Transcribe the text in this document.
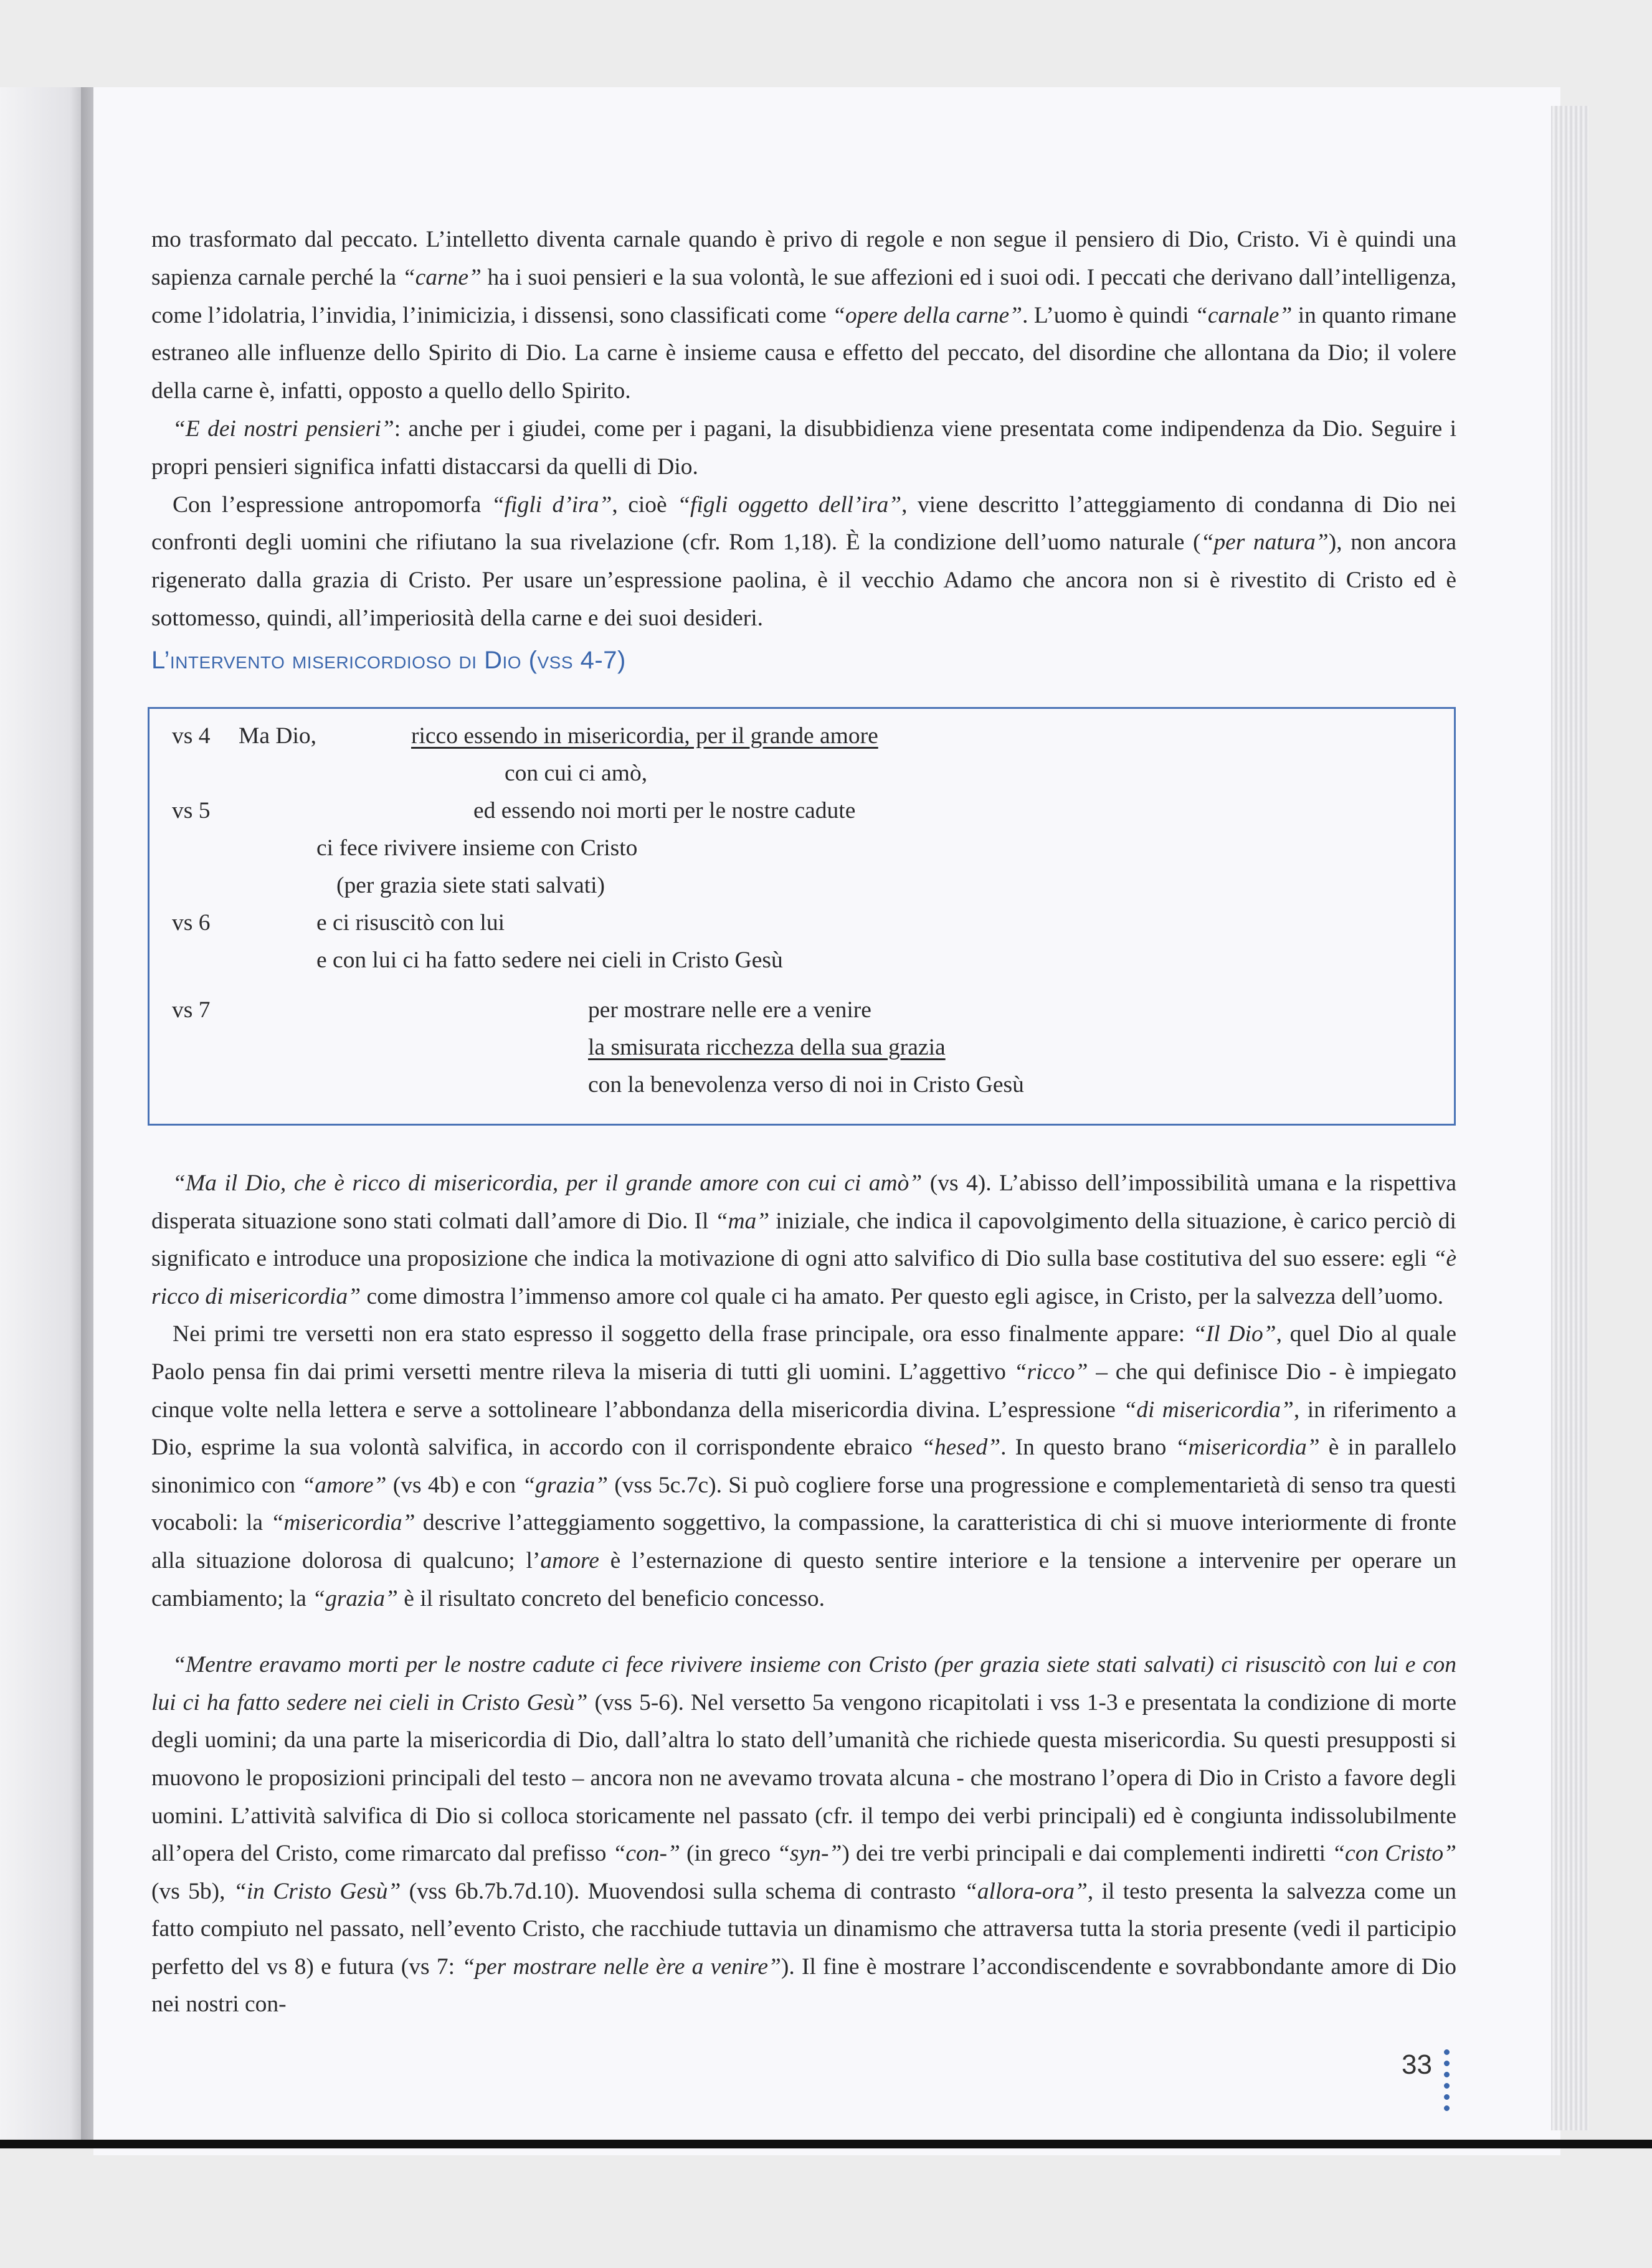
mo trasformato dal peccato. L’intelletto diventa carnale quando è privo di regole e non segue il pensiero di Dio, Cristo. Vi è quindi una sapienza carnale perché la “carne” ha i suoi pensieri e la sua volontà, le sue affezioni ed i suoi odi. I peccati che derivano dall’intelligenza, come l’idolatria, l’invidia, l’inimicizia, i dissensi, sono classificati come “opere della carne”. L’uomo è quindi “carnale” in quanto rimane estraneo alle influenze dello Spirito di Dio. La carne è insieme causa e effetto del peccato, del disordine che allontana da Dio; il volere della carne è, infatti, opposto a quello dello Spirito.

“E dei nostri pensieri”: anche per i giudei, come per i pagani, la disubbidienza viene presentata come indipendenza da Dio. Seguire i propri pensieri significa infatti distaccarsi da quelli di Dio.

Con l’espressione antropomorfa “figli d’ira”, cioè “figli oggetto dell’ira”, viene descritto l’atteggiamento di condanna di Dio nei confronti degli uomini che rifiutano la sua rivelazione (cfr. Rom 1,18). È la condizione dell’uomo naturale (“per natura”), non ancora rigenerato dalla grazia di Cristo. Per usare un’espressione paolina, è il vecchio Adamo che ancora non si è rivestito di Cristo ed è sottomesso, quindi, all’imperiosità della carne e dei suoi desideri.

L’intervento misericordioso di Dio (vss 4-7)
vs 4 Ma Dio,	ricco essendo in misericordia, per il grande amore
con cui ci amò,
vs 5	ed essendo noi morti per le nostre cadute
ci fece rivivere insieme con Cristo
(per grazia siete stati salvati)
vs 6	e ci risuscitò con lui
e con lui ci ha fatto sedere nei cieli in Cristo Gesù
vs 7	per mostrare nelle ere a venire
la smisurata ricchezza della sua grazia
con la benevolenza verso di noi in Cristo Gesù

“Ma il Dio, che è ricco di misericordia, per il grande amore con cui ci amò” (vs 4). L’abisso dell’impossibilità umana e la rispettiva disperata situazione sono stati colmati dall’amore di Dio. Il “ma” iniziale, che indica il capovolgimento della situazione, è carico perciò di significato e introduce una proposizione che indica la motivazione di ogni atto salvifico di Dio sulla base costitutiva del suo essere: egli “è ricco di misericordia” come dimostra l’immenso amore col quale ci ha amato. Per questo egli agisce, in Cristo, per la salvezza dell’uomo.

Nei primi tre versetti non era stato espresso il soggetto della frase principale, ora esso finalmente appare: “Il Dio”, quel Dio al quale Paolo pensa fin dai primi versetti mentre rileva la miseria di tutti gli uomini. L’aggettivo “ricco” – che qui definisce Dio - è impiegato cinque volte nella lettera e serve a sottolineare l’abbondanza della misericordia divina. L’espressione “di misericordia”, in riferimento a Dio, esprime la sua volontà salvifica, in accordo con il corrispondente ebraico “hesed”. In questo brano “misericordia” è in parallelo sinonimico con “amore” (vs 4b) e con “grazia” (vss 5c.7c). Si può cogliere forse una progressione e complementarietà di senso tra questi vocaboli: la “misericordia” descrive l’atteggiamento soggettivo, la compassione, la caratteristica di chi si muove interiormente di fronte alla situazione dolorosa di qualcuno; l’amore è l’esternazione di questo sentire interiore e la tensione a intervenire per operare un cambiamento; la “grazia” è il risultato concreto del beneficio concesso.

“Mentre eravamo morti per le nostre cadute ci fece rivivere insieme con Cristo (per grazia siete stati salvati) ci risuscitò con lui e con lui ci ha fatto sedere nei cieli in Cristo Gesù” (vss 5-6). Nel versetto 5a vengono ricapitolati i vss 1-3 e presentata la condizione di morte degli uomini; da una parte la misericordia di Dio, dall’altra lo stato dell’umanità che richiede questa misericordia. Su questi presupposti si muovono le proposizioni principali del testo – ancora non ne avevamo trovata alcuna - che mostrano l’opera di Dio in Cristo a favore degli uomini. L’attività salvifica di Dio si colloca storicamente nel passato (cfr. il tempo dei verbi principali) ed è congiunta indissolubilmente all’opera del Cristo, come rimarcato dal prefisso “con-” (in greco “syn-”) dei tre verbi principali e dai complementi indiretti “con Cristo” (vs 5b), “in Cristo Gesù” (vss 6b.7b.7d.10). Muovendosi sulla schema di contrasto “allora-ora”, il testo presenta la salvezza come un fatto compiuto nel passato, nell’evento Cristo, che racchiude tuttavia un dinamismo che attraversa tutta la storia presente (vedi il participio perfetto del vs 8) e futura (vs 7: “per mostrare nelle ère a venire”). Il fine è mostrare l’accondiscendente e sovrabbondante amore di Dio nei nostri con-

33
